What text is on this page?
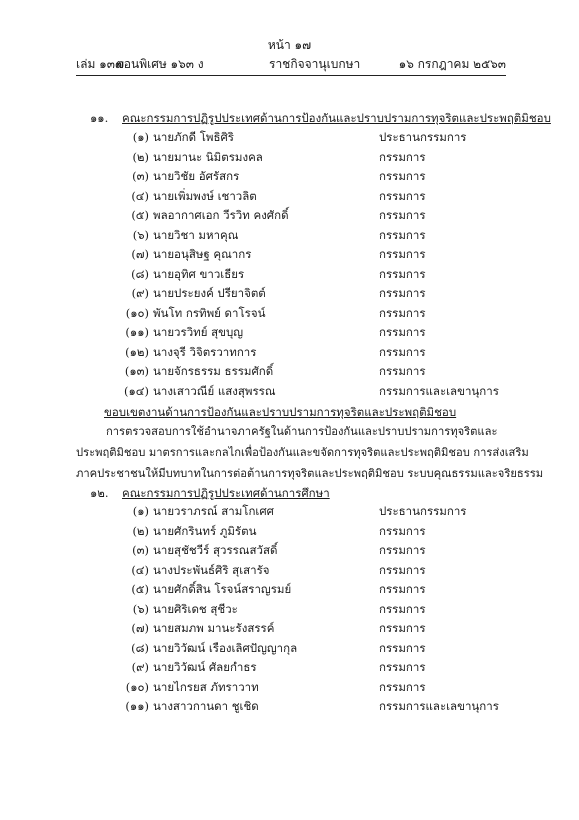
หน้า ๑๗
เล่ม ๑๓๗
ตอนพิเศษ ๑๖๓ ง	ราชกิจจานุเบกษา	๑๖ กรกฎาคม ๒๕๖๓
๑๑. คณะกรรมการปฏิรูปประเทศด้านการป้องกันและปราบปรามการทุจริตและประพฤติมิชอบ
(๑) นายภักดี โพธิศิริ	ประธานกรรมการ
(๒) นายมานะ นิมิตรมงคล	กรรมการ
(๓) นายวิชัย อัศรัสกร	กรรมการ
(๔) นายเพิ่มพงษ์ เชาวลิต	กรรมการ
(๕) พลอากาศเอก วีรวิท คงศักดิ์	กรรมการ
(๖) นายวิชา มหาคุณ	กรรมการ
(๗) นายอนุสิษฐ คุณากร	กรรมการ
(๘) นายอุทิศ ขาวเธียร	กรรมการ
(๙) นายประยงค์ ปรียาจิตต์	กรรมการ
(๑๐) พันโท กรทิพย์ ดาโรจน์	กรรมการ
(๑๑) นายวรวิทย์ สุขบุญ	กรรมการ
(๑๒) นางจุรี วิจิตรวาทการ	กรรมการ
(๑๓) นายจักรธรรม ธรรมศักดิ์	กรรมการ
(๑๔) นางเสาวณีย์ แสงสุพรรณ	กรรมการและเลขานุการ
ขอบเขตงานด้านการป้องกันและปราบปรามการทุจริตและประพฤติมิชอบ
การตรวจสอบการใช้อำนาจภาครัฐในด้านการป้องกันและปราบปรามการทุจริตและ
ประพฤติมิชอบ มาตรการและกลไกเพื่อป้องกันและขจัดการทุจริตและประพฤติมิชอบ การส่งเสริม
ภาคประชาชนให้มีบทบาทในการต่อต้านการทุจริตและประพฤติมิชอบ ระบบคุณธรรมและจริยธรรม
๑๒. คณะกรรมการปฏิรูปประเทศด้านการศึกษา
(๑) นายวราภรณ์ สามโกเศศ	ประธานกรรมการ
(๒) นายศักรินทร์ ภูมิรัตน	กรรมการ
(๓) นายสุชัชวีร์ สุวรรณสวัสดิ์	กรรมการ
(๔) นางประพันธ์ศิริ สุเสารัจ	กรรมการ
(๕) นายศักดิ์สิน โรจน์สราญรมย์	กรรมการ
(๖) นายศิริเดช สุชีวะ	กรรมการ
(๗) นายสมภพ มานะรังสรรค์	กรรมการ
(๘) นายวิวัฒน์ เรืองเลิศปัญญากุล	กรรมการ
(๙) นายวิวัฒน์ ศัลยกำธร	กรรมการ
(๑๐) นายไกรยส ภัทราวาท	กรรมการ
(๑๑) นางสาวกานดา ชูเชิด	กรรมการและเลขานุการ
